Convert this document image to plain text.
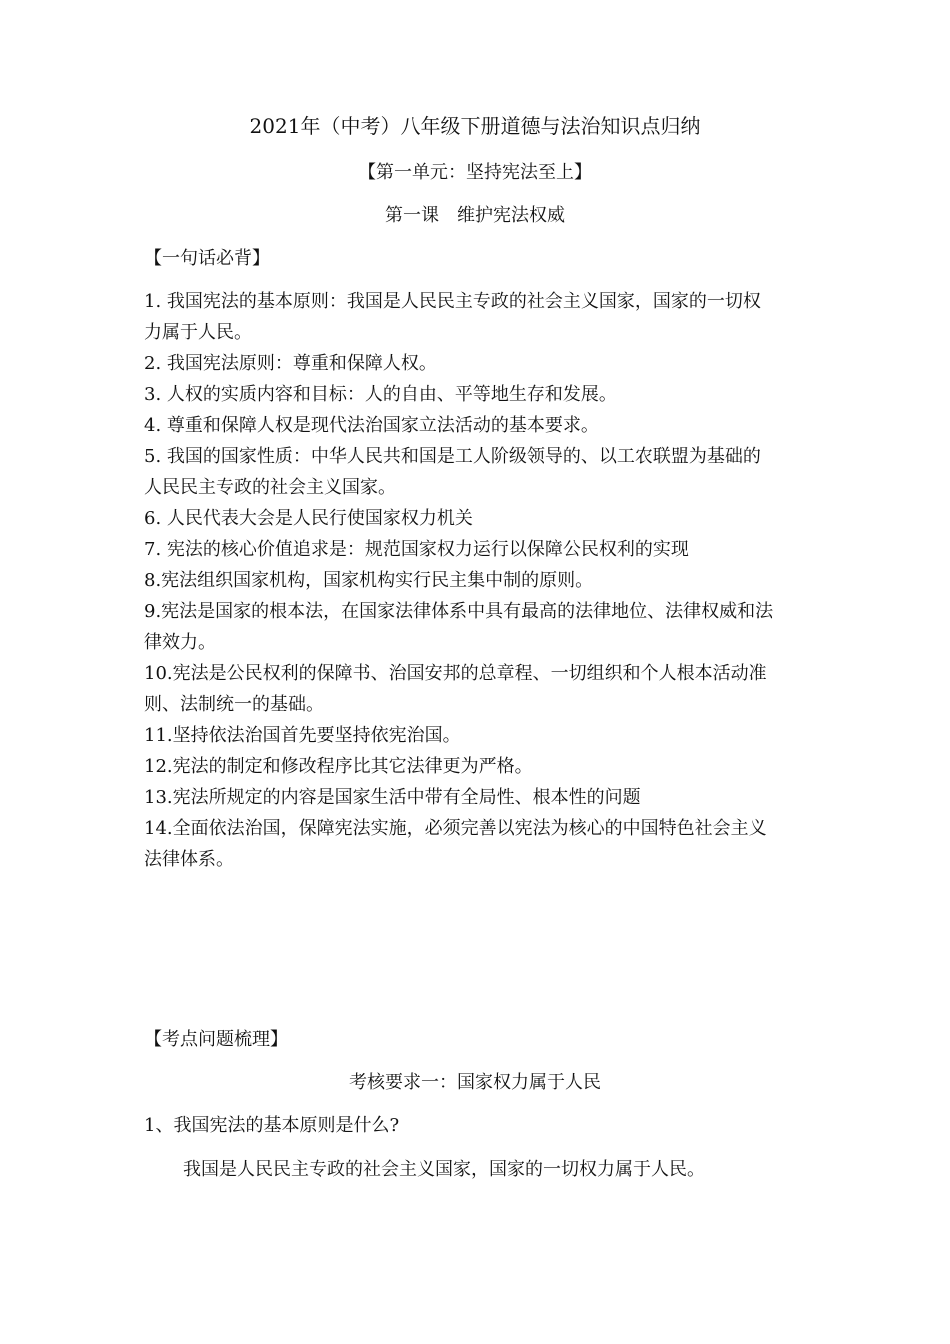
2021年（中考）八年级下册道德与法治知识点归纳
【第一单元：坚持宪法至上】
第一课　维护宪法权威
【一句话必背】
1. 我国宪法的基本原则：我国是人民民主专政的社会主义国家，国家的一切权
力属于人民。
2. 我国宪法原则：尊重和保障人权。
3. 人权的实质内容和目标：人的自由、平等地生存和发展。
4. 尊重和保障人权是现代法治国家立法活动的基本要求。
5. 我国的国家性质：中华人民共和国是工人阶级领导的、以工农联盟为基础的
人民民主专政的社会主义国家。
6. 人民代表大会是人民行使国家权力机关
7. 宪法的核心价值追求是：规范国家权力运行以保障公民权利的实现
8.宪法组织国家机构，国家机构实行民主集中制的原则。
9.宪法是国家的根本法，在国家法律体系中具有最高的法律地位、法律权威和法
律效力。
10.宪法是公民权利的保障书、治国安邦的总章程、一切组织和个人根本活动准
则、法制统一的基础。
11.坚持依法治国首先要坚持依宪治国。
12.宪法的制定和修改程序比其它法律更为严格。
13.宪法所规定的内容是国家生活中带有全局性、根本性的问题
14.全面依法治国，保障宪法实施，必须完善以宪法为核心的中国特色社会主义
法律体系。
【考点问题梳理】
考核要求一：国家权力属于人民
1、我国宪法的基本原则是什么?
我国是人民民主专政的社会主义国家，国家的一切权力属于人民。
